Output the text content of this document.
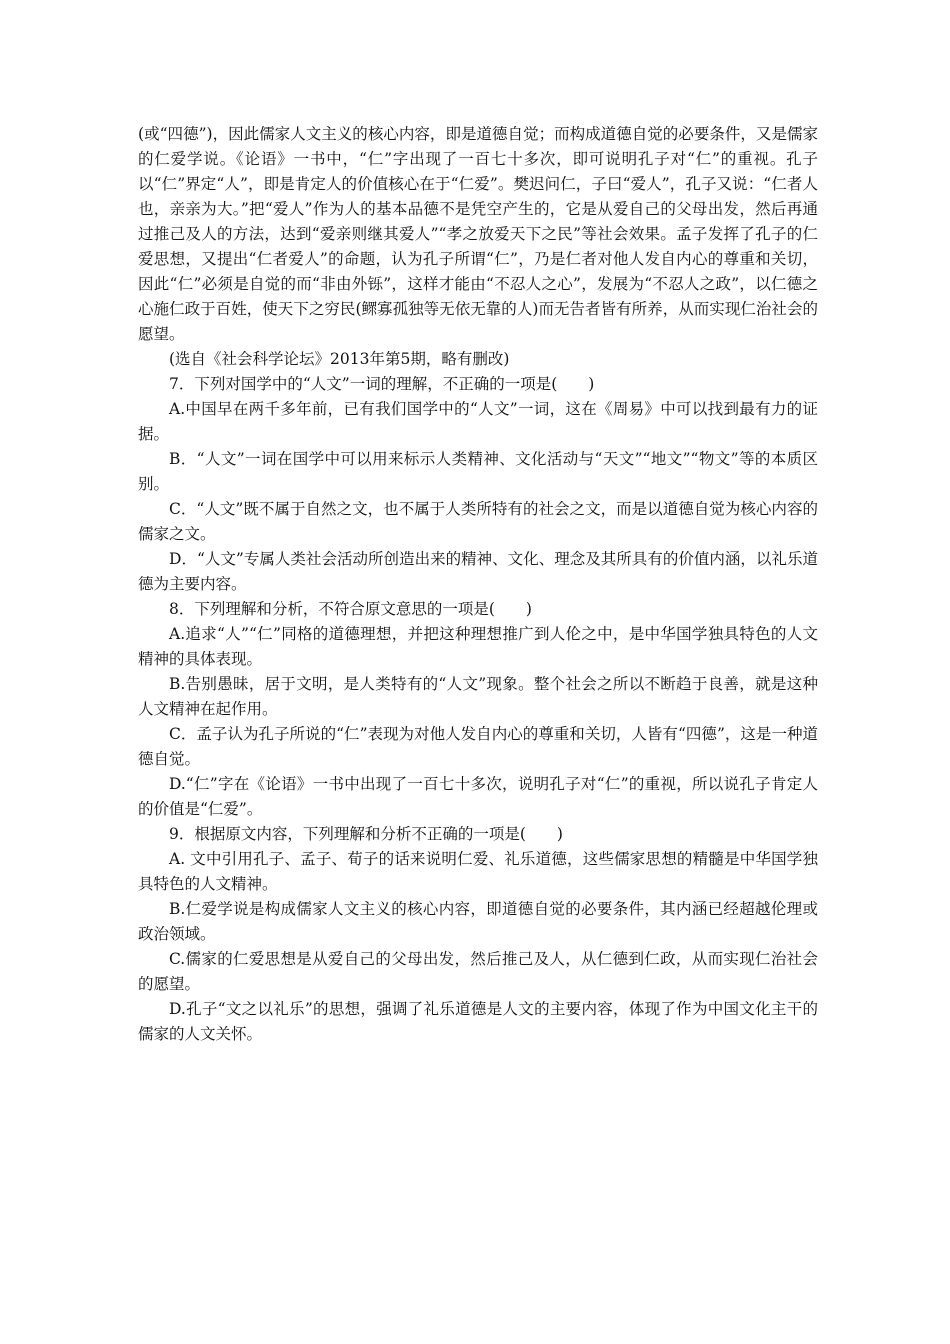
(或“四德”)，因此儒家人文主义的核心内容，即是道德自觉；而构成道德自觉的必要条件，又是儒家的仁爱学说。《论语》一书中，“仁”字出现了一百七十多次，即可说明孔子对“仁”的重视。孔子以“仁”界定“人”，即是肯定人的价值核心在于“仁爱”。樊迟问仁，子曰“爱人”，孔子又说：“仁者人也，亲亲为大。”把“爱人”作为人的基本品德不是凭空产生的，它是从爱自己的父母出发，然后再通过推己及人的方法，达到“爱亲则继其爱人”“孝之放爱天下之民”等社会效果。孟子发挥了孔子的仁爱思想，又提出“仁者爱人”的命题，认为孔子所谓“仁”，乃是仁者对他人发自内心的尊重和关切，因此“仁”必须是自觉的而“非由外铄”，这样才能由“不忍人之心”，发展为“不忍人之政”，以仁德之心施仁政于百姓，使天下之穷民(鳏寡孤独等无依无靠的人)而无告者皆有所养，从而实现仁治社会的愿望。

(选自《社会科学论坛》2013年第5期，略有删改)

7．下列对国学中的“人文”一词的理解，不正确的一项是(　　)

A.中国早在两千多年前，已有我们国学中的“人文”一词，这在《周易》中可以找到最有力的证据。

B．“人文”一词在国学中可以用来标示人类精神、文化活动与“天文”“地文”“物文”等的本质区别。

C．“人文”既不属于自然之文，也不属于人类所特有的社会之文，而是以道德自觉为核心内容的儒家之文。

D．“人文”专属人类社会活动所创造出来的精神、文化、理念及其所具有的价值内涵，以礼乐道德为主要内容。

8．下列理解和分析，不符合原文意思的一项是(　　)

A.追求“人”“仁”同格的道德理想，并把这种理想推广到人伦之中，是中华国学独具特色的人文精神的具体表现。

B.告别愚昧，居于文明，是人类特有的“人文”现象。整个社会之所以不断趋于良善，就是这种人文精神在起作用。

C．孟子认为孔子所说的“仁”表现为对他人发自内心的尊重和关切，人皆有“四德”，这是一种道德自觉。

D.“仁”字在《论语》一书中出现了一百七十多次，说明孔子对“仁”的重视，所以说孔子肯定人的价值是“仁爱”。

9．根据原文内容，下列理解和分析不正确的一项是(　　)

A. 文中引用孔子、孟子、荀子的话来说明仁爱、礼乐道德，这些儒家思想的精髓是中华国学独具特色的人文精神。

B.仁爱学说是构成儒家人文主义的核心内容，即道德自觉的必要条件，其内涵已经超越伦理或政治领域。

C.儒家的仁爱思想是从爱自己的父母出发，然后推己及人，从仁德到仁政，从而实现仁治社会的愿望。

D.孔子“文之以礼乐”的思想，强调了礼乐道德是人文的主要内容，体现了作为中国文化主干的儒家的人文关怀。
